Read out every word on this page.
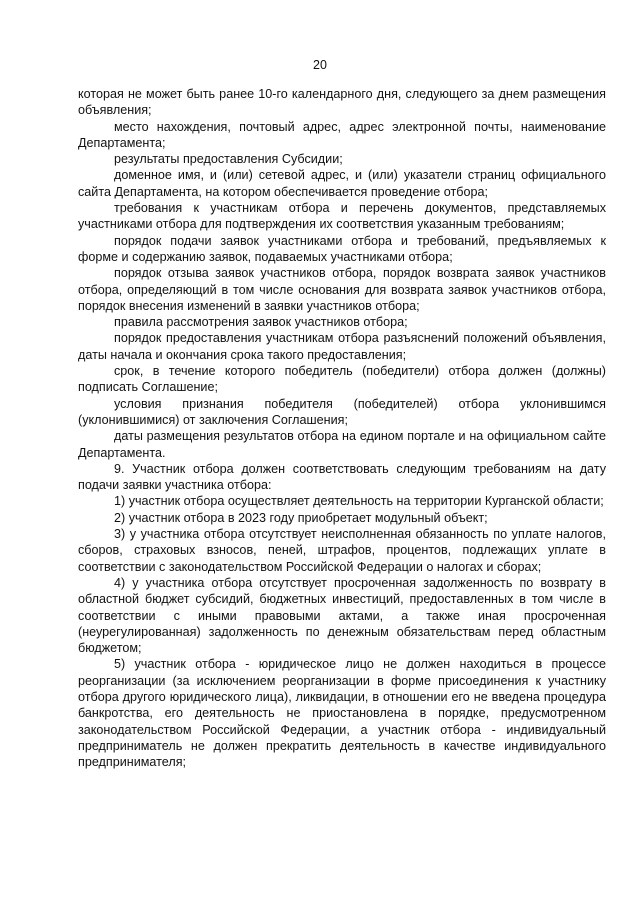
20

которая не может быть ранее 10-го календарного дня, следующего за днем размещения объявления;

место нахождения, почтовый адрес, адрес электронной почты, наименование Департамента;

результаты предоставления Субсидии;

доменное имя, и (или) сетевой адрес, и (или) указатели страниц официального сайта Департамента, на котором обеспечивается проведение отбора;

требования к участникам отбора и перечень документов, представляемых участниками отбора для подтверждения их соответствия указанным требованиям;

порядок подачи заявок участниками отбора и требований, предъявляемых к форме и содержанию заявок, подаваемых участниками отбора;

порядок отзыва заявок участников отбора, порядок возврата заявок участников отбора, определяющий в том числе основания для возврата заявок участников отбора, порядок внесения изменений в заявки участников отбора;

правила рассмотрения заявок участников отбора;

порядок предоставления участникам отбора разъяснений положений объявления, даты начала и окончания срока такого предоставления;

срок, в течение которого победитель (победители) отбора должен (должны) подписать Соглашение;

условия признания победителя (победителей) отбора уклонившимся (уклонившимися) от заключения Соглашения;

даты размещения результатов отбора на едином портале и на официальном сайте Департамента.

9. Участник отбора должен соответствовать следующим требованиям на дату подачи заявки участника отбора:

1) участник отбора осуществляет деятельность на территории Курганской области;

2) участник отбора в 2023 году приобретает модульный объект;

3) у участника отбора отсутствует неисполненная обязанность по уплате налогов, сборов, страховых взносов, пеней, штрафов, процентов, подлежащих уплате в соответствии с законодательством Российской Федерации о налогах и сборах;

4) у участника отбора отсутствует просроченная задолженность по возврату в областной бюджет субсидий, бюджетных инвестиций, предоставленных в том числе в соответствии с иными правовыми актами, а также иная просроченная (неурегулированная) задолженность по денежным обязательствам перед областным бюджетом;

5) участник отбора - юридическое лицо не должен находиться в процессе реорганизации (за исключением реорганизации в форме присоединения к участнику отбора другого юридического лица), ликвидации, в отношении его не введена процедура банкротства, его деятельность не приостановлена в порядке, предусмотренном законодательством Российской Федерации, а участник отбора - индивидуальный предприниматель не должен прекратить деятельность в качестве индивидуального предпринимателя;
